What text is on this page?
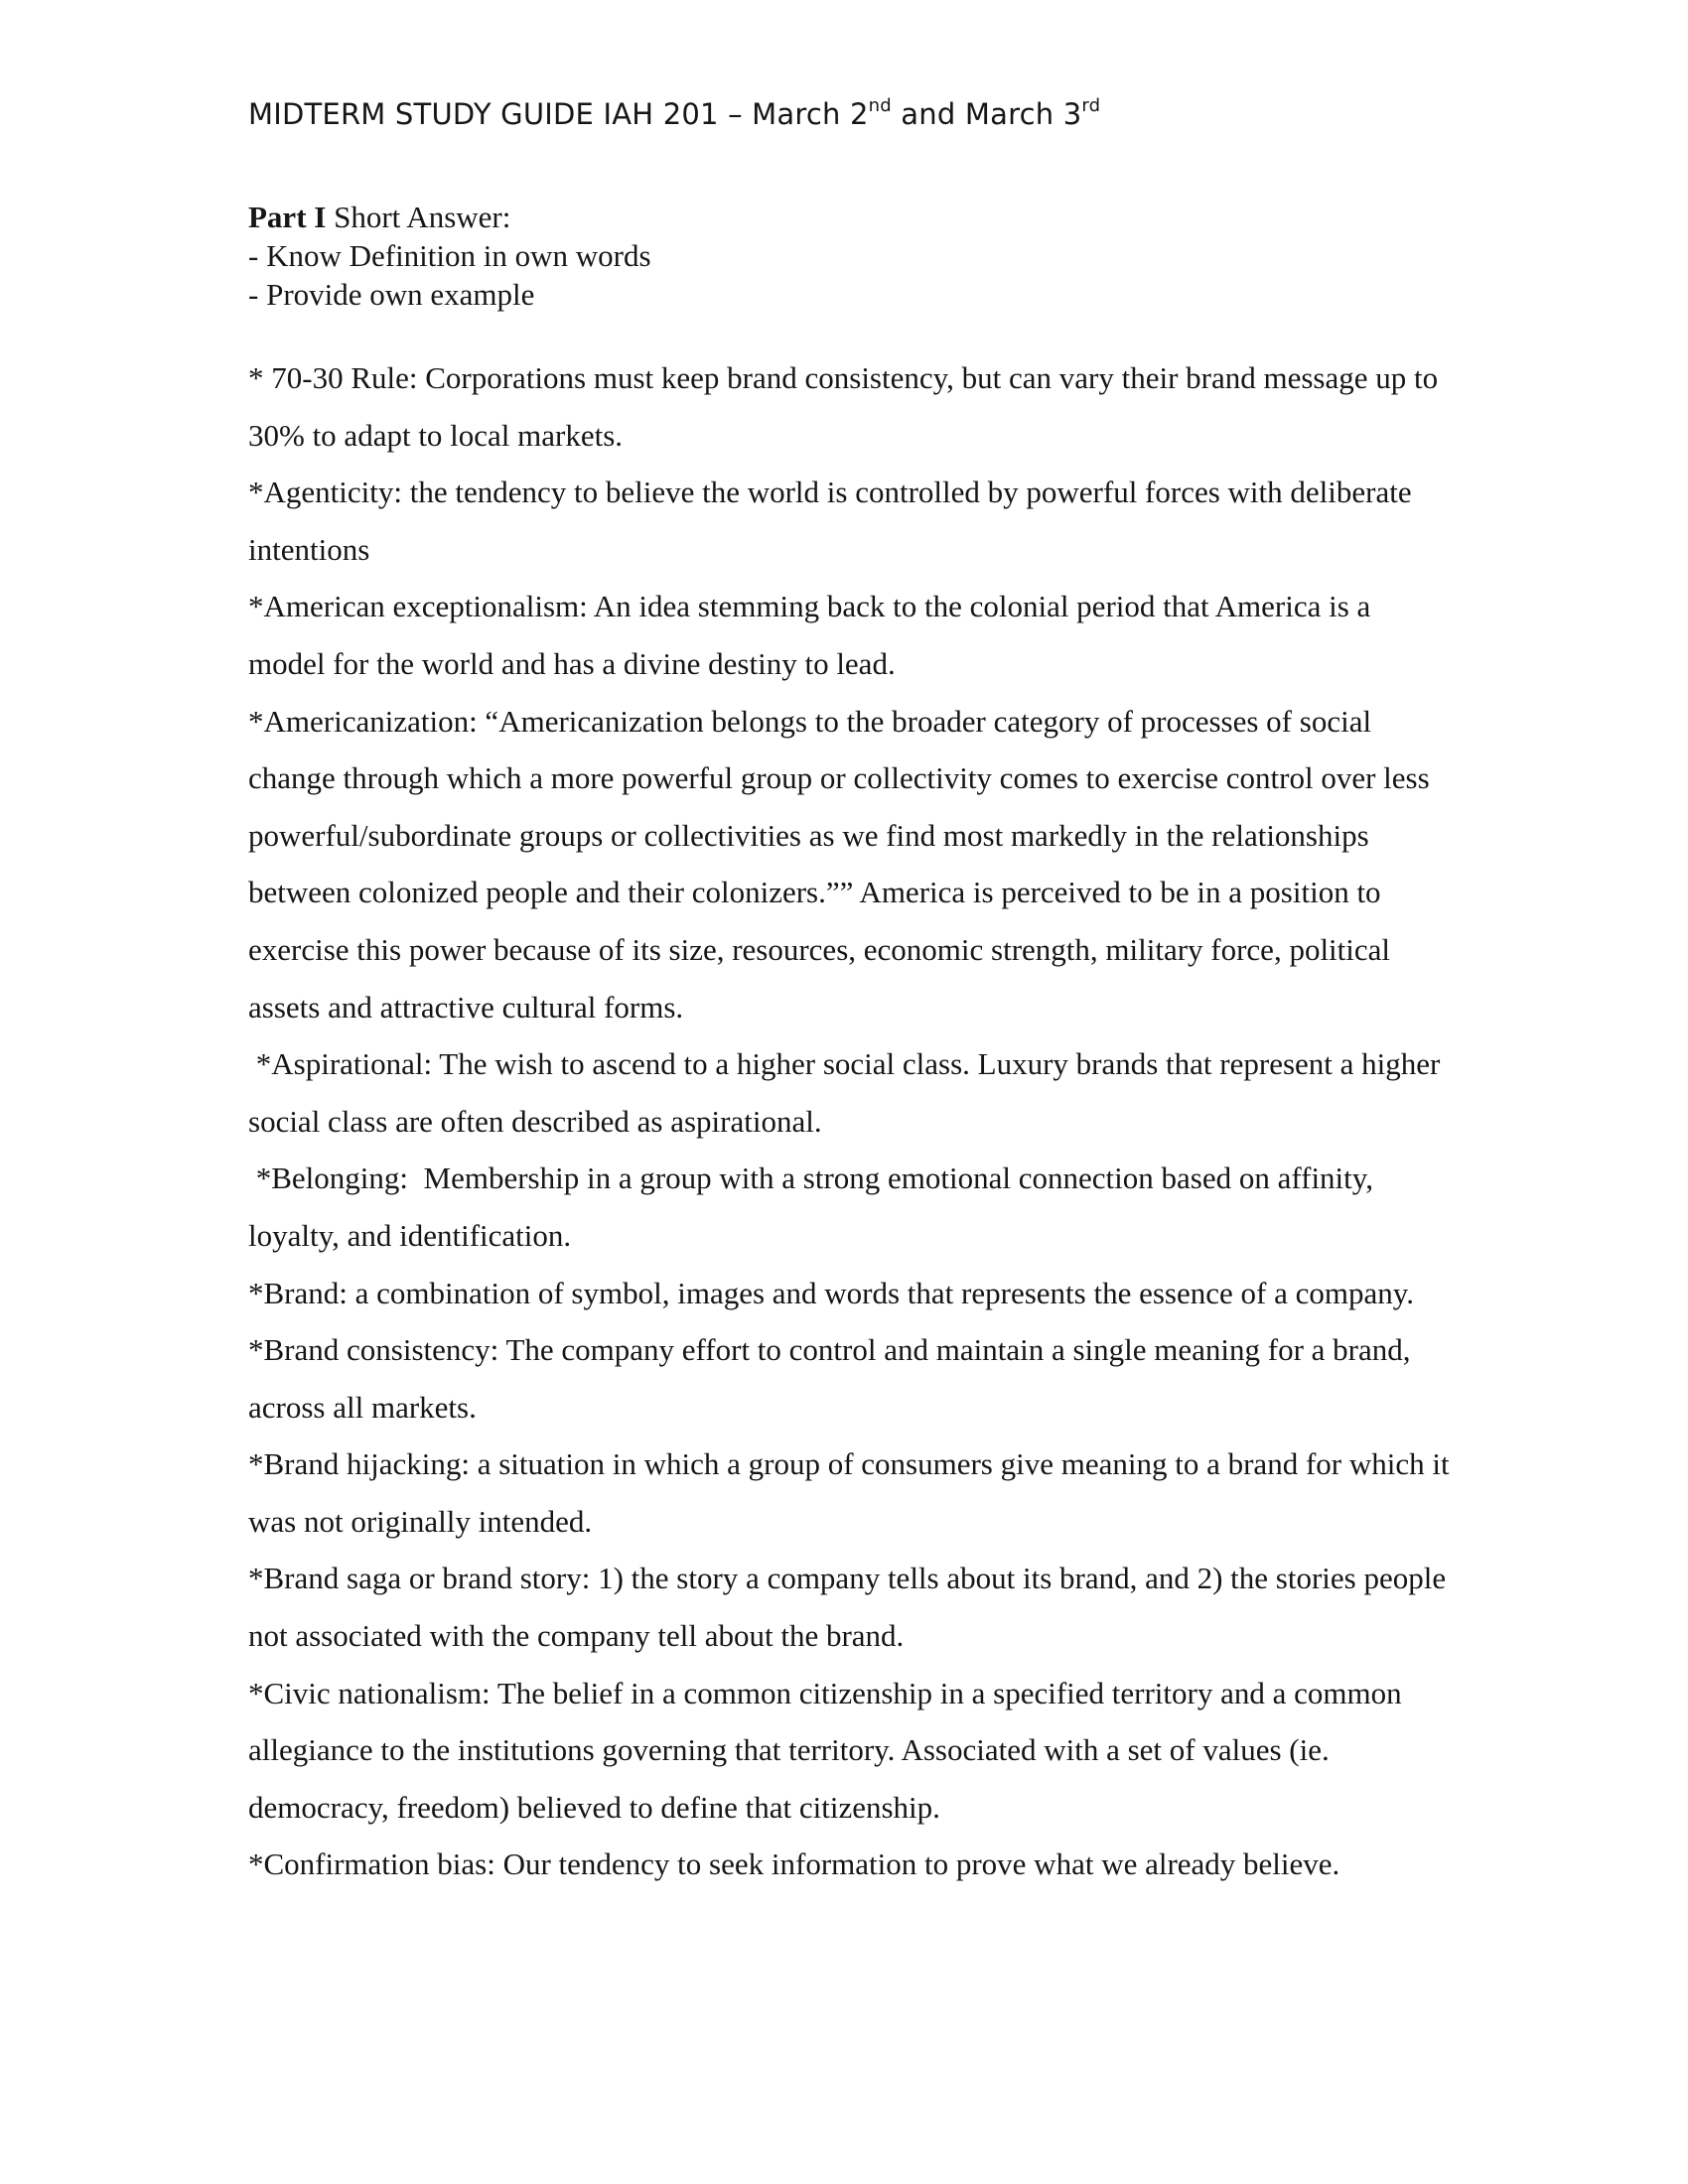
MIDTERM STUDY GUIDE IAH 201 – March 2nd and March 3rd
Part I Short Answer:
- Know Definition in own words
- Provide own example

* 70-30 Rule: Corporations must keep brand consistency, but can vary their brand message up to 30% to adapt to local markets.

*Agenticity: the tendency to believe the world is controlled by powerful forces with deliberate intentions

*American exceptionalism: An idea stemming back to the colonial period that America is a model for the world and has a divine destiny to lead.

*Americanization: “Americanization belongs to the broader category of processes of social change through which a more powerful group or collectivity comes to exercise control over less powerful/subordinate groups or collectivities as we find most markedly in the relationships between colonized people and their colonizers.”” America is perceived to be in a position to exercise this power because of its size, resources, economic strength, military force, political assets and attractive cultural forms.

*Aspirational: The wish to ascend to a higher social class. Luxury brands that represent a higher social class are often described as aspirational.

*Belonging:  Membership in a group with a strong emotional connection based on affinity, loyalty, and identification.

*Brand: a combination of symbol, images and words that represents the essence of a company.

*Brand consistency: The company effort to control and maintain a single meaning for a brand, across all markets.

*Brand hijacking: a situation in which a group of consumers give meaning to a brand for which it was not originally intended.

*Brand saga or brand story: 1) the story a company tells about its brand, and 2) the stories people not associated with the company tell about the brand.

*Civic nationalism: The belief in a common citizenship in a specified territory and a common allegiance to the institutions governing that territory. Associated with a set of values (ie. democracy, freedom) believed to define that citizenship.

*Confirmation bias: Our tendency to seek information to prove what we already believe.
